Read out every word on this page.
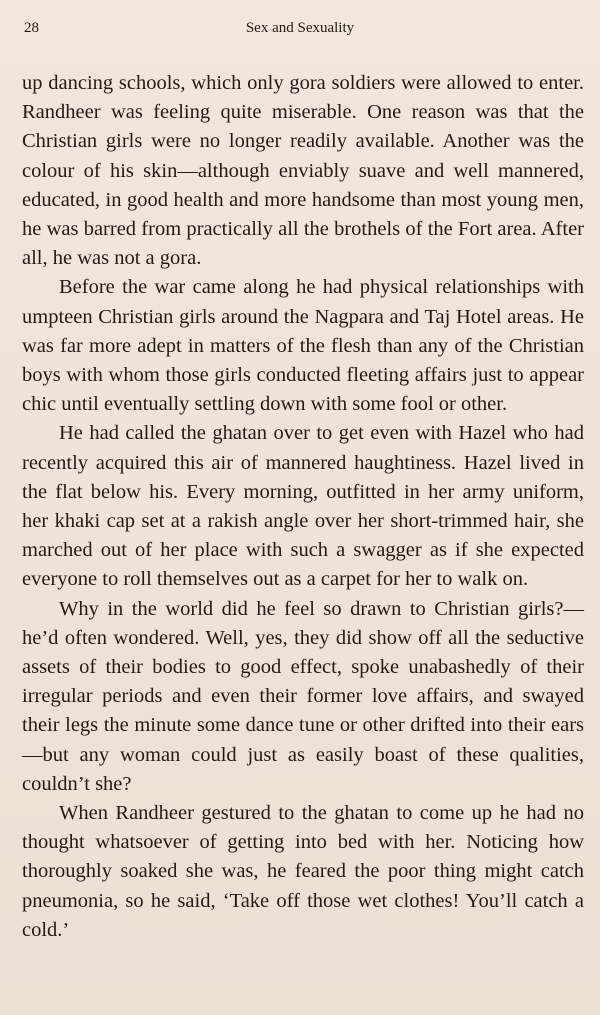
28	Sex and Sexuality

up dancing schools, which only gora soldiers were allowed to enter. Randheer was feeling quite miserable. One reason was that the Christian girls were no longer readily available. Another was the colour of his skin—although enviably suave and well mannered, educated, in good health and more handsome than most young men, he was barred from practically all the brothels of the Fort area. After all, he was not a gora.

Before the war came along he had physical relationships with umpteen Christian girls around the Nagpara and Taj Hotel areas. He was far more adept in matters of the flesh than any of the Christian boys with whom those girls conducted fleeting affairs just to appear chic until eventually settling down with some fool or other.

He had called the ghatan over to get even with Hazel who had recently acquired this air of mannered haughtiness. Hazel lived in the flat below his. Every morning, outfitted in her army uniform, her khaki cap set at a rakish angle over her short-trimmed hair, she marched out of her place with such a swagger as if she expected everyone to roll themselves out as a carpet for her to walk on.

Why in the world did he feel so drawn to Christian girls?— he’d often wondered. Well, yes, they did show off all the seductive assets of their bodies to good effect, spoke unabashedly of their irregular periods and even their former love affairs, and swayed their legs the minute some dance tune or other drifted into their ears—but any woman could just as easily boast of these qualities, couldn’t she?

When Randheer gestured to the ghatan to come up he had no thought whatsoever of getting into bed with her. Noticing how thoroughly soaked she was, he feared the poor thing might catch pneumonia, so he said, ‘Take off those wet clothes! You’ll catch a cold.’
